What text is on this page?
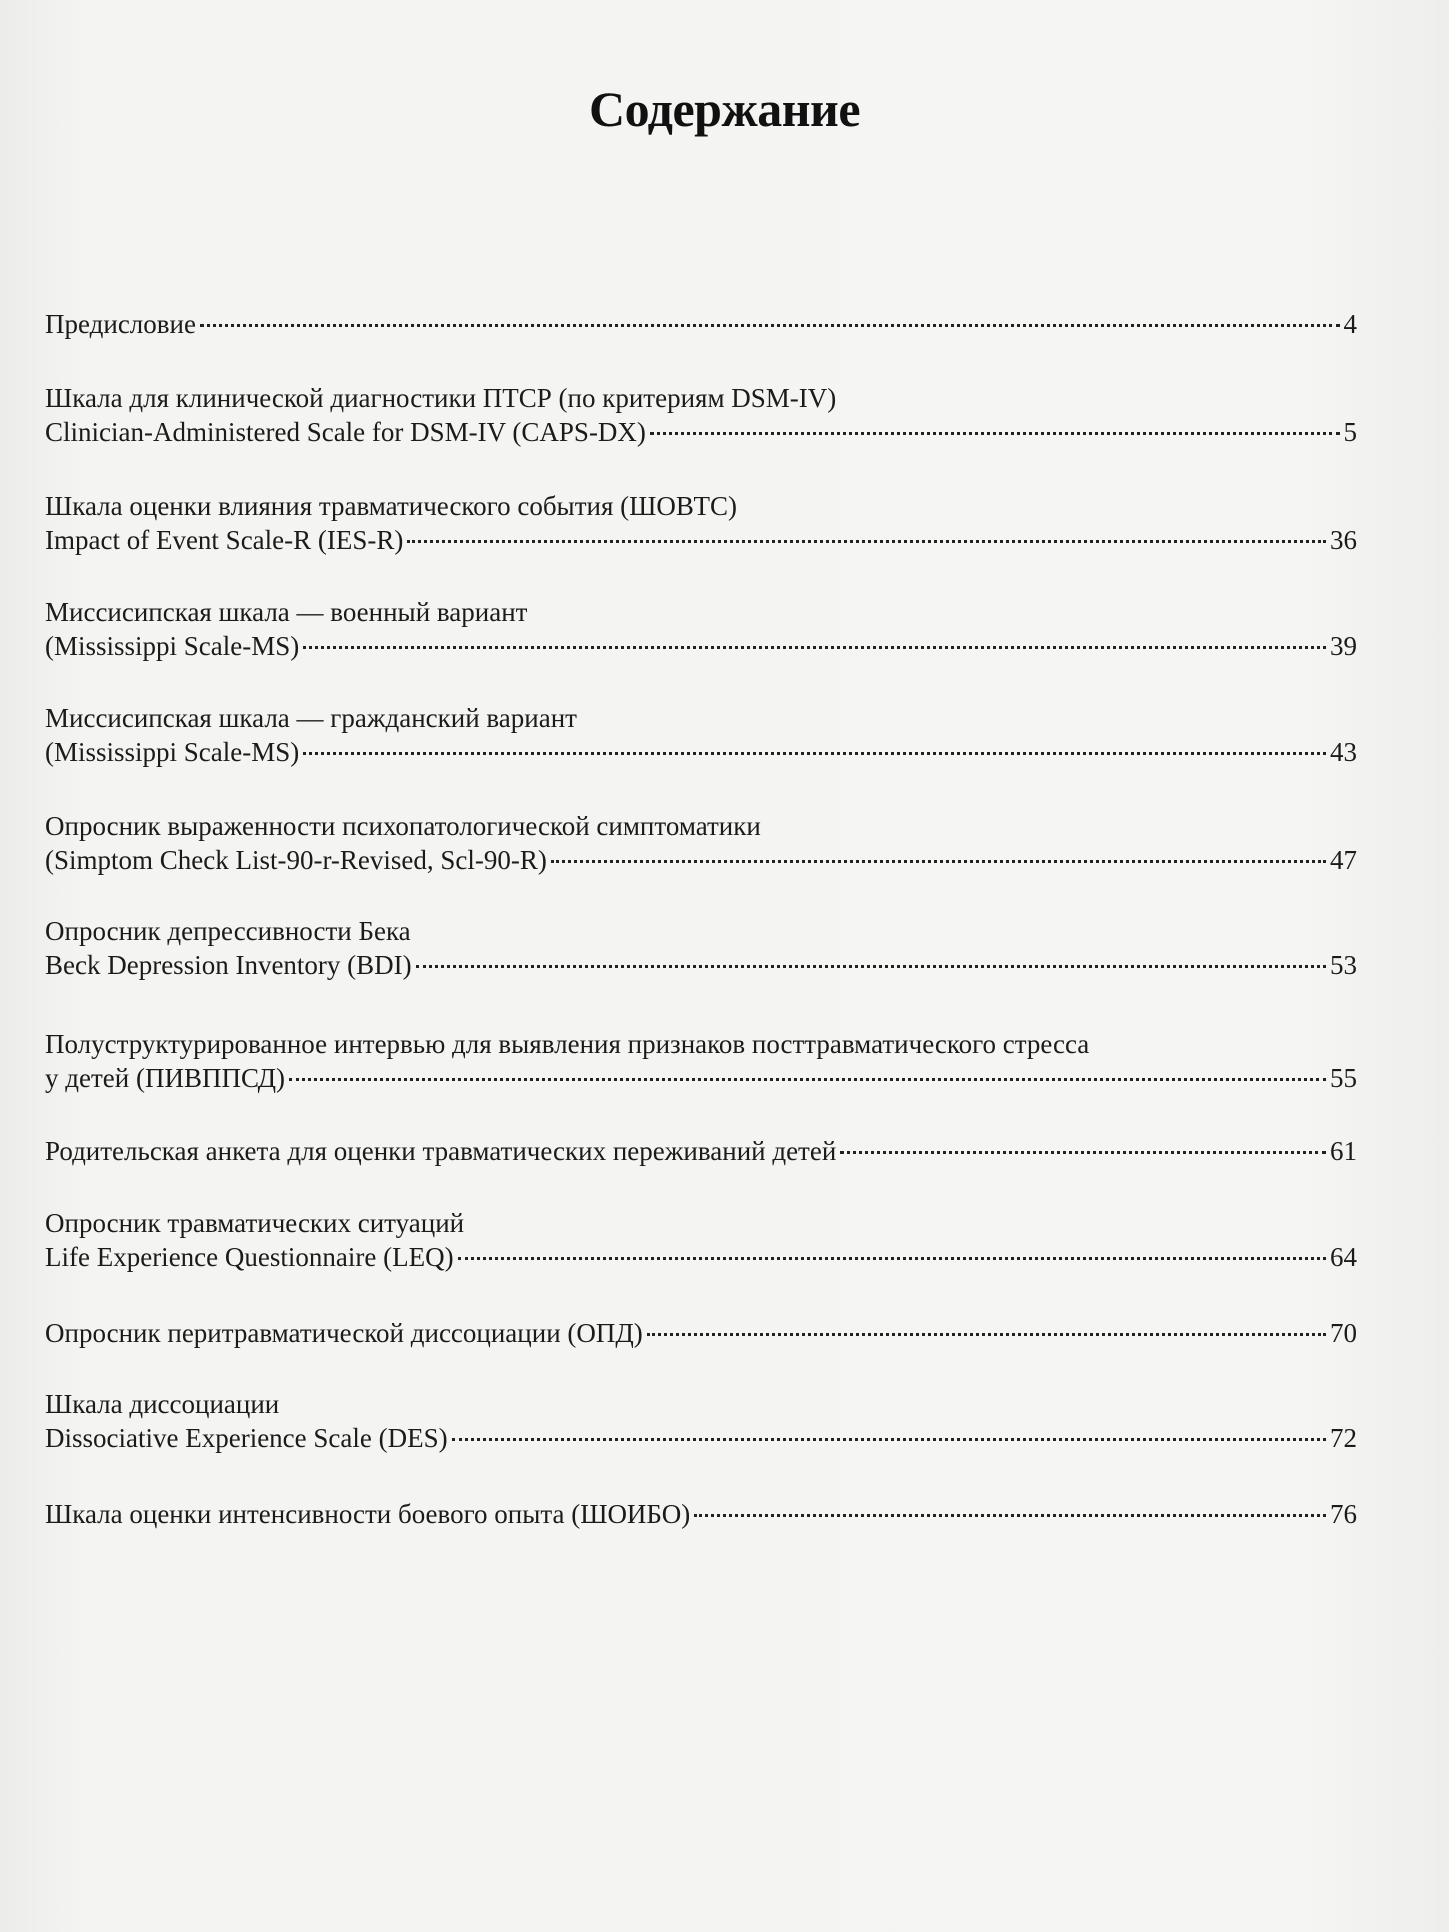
Содержание
Предисловие	4
Шкала для клинической диагностики ПТСР (по критериям DSM-IV)
Clinician-Administered Scale for DSM-IV (CAPS-DX)	5
Шкала оценки влияния травматического события (ШОВТС)
Impact of Event Scale-R (IES-R)	36
Миссисипская шкала — военный вариант
(Mississippi Scale-MS)	39
Миссисипская шкала — гражданский вариант
(Mississippi Scale-MS)	43
Опросник выраженности психопатологической симптоматики
(Simptom Check List-90-r-Revised, Scl-90-R)	47
Опросник депрессивности Бека
Beck Depression Inventory (BDI)	53
Полуструктурированное интервью для выявления признаков посттравматического стресса
у детей (ПИВППСД)	55
Родительская анкета для оценки травматических переживаний детей	61
Опросник травматических ситуаций
Life Experience Questionnaire (LEQ)	64
Опросник перитравматической диссоциации (ОПД)	70
Шкала диссоциации
Dissociative Experience Scale (DES)	72
Шкала оценки интенсивности боевого опыта (ШОИБО)	76
